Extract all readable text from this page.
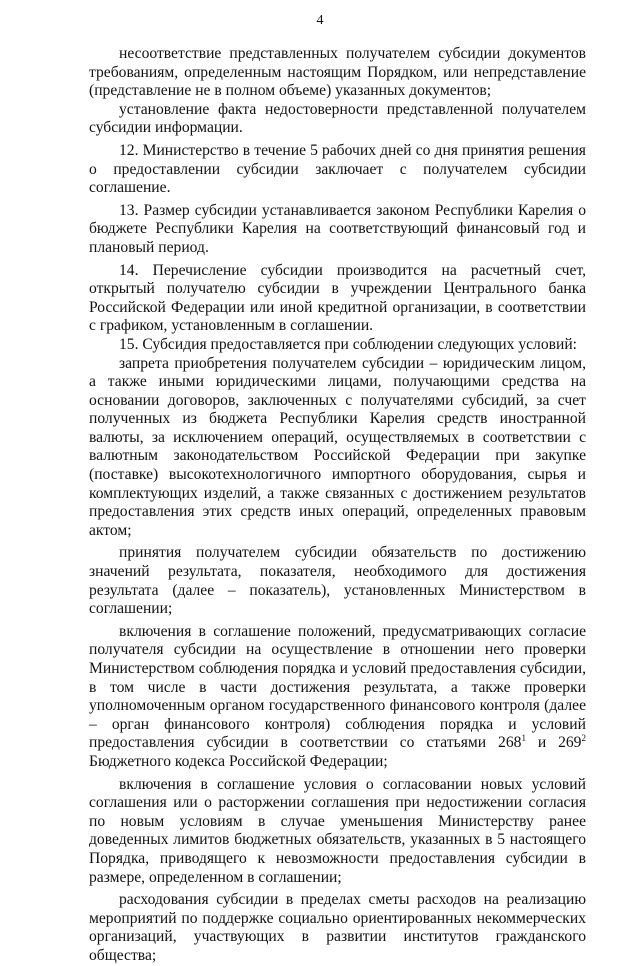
4

несоответствие представленных получателем субсидии документов требованиям, определенным настоящим Порядком, или непредставление (представление не в полном объеме) указанных документов;

установление факта недостоверности представленной получателем субсидии информации.

12. Министерство в течение 5 рабочих дней со дня принятия решения о предоставлении субсидии заключает с получателем субсидии соглашение.

13. Размер субсидии устанавливается законом Республики Карелия о бюджете Республики Карелия на соответствующий финансовый год и плановый период.

14. Перечисление субсидии производится на расчетный счет, открытый получателю субсидии в учреждении Центрального банка Российской Федерации или иной кредитной организации, в соответствии с графиком, установленным в соглашении.

15. Субсидия предоставляется при соблюдении следующих условий:

запрета приобретения получателем субсидии – юридическим лицом, а также иными юридическими лицами, получающими средства на основании договоров, заключенных с получателями субсидий, за счет полученных из бюджета Республики Карелия средств иностранной валюты, за исключением операций, осуществляемых в соответствии с валютным законодательством Российской Федерации при закупке (поставке) высокотехнологичного импортного оборудования, сырья и комплектующих изделий, а также связанных с достижением результатов предоставления этих средств иных операций, определенных правовым актом;

принятия получателем субсидии обязательств по достижению значений результата, показателя, необходимого для достижения результата (далее – показатель), установленных Министерством в соглашении;

включения в соглашение положений, предусматривающих согласие получателя субсидии на осуществление в отношении него проверки Министерством соблюдения порядка и условий предоставления субсидии, в том числе в части достижения результата, а также проверки уполномоченным органом государственного финансового контроля (далее – орган финансового контроля) соблюдения порядка и условий предоставления субсидии в соответствии со статьями $268^1$ и $269^2$ Бюджетного кодекса Российской Федерации;

включения в соглашение условия о согласовании новых условий соглашения или о расторжении соглашения при недостижении согласия по новым условиям в случае уменьшения Министерству ранее доведенных лимитов бюджетных обязательств, указанных в 5 настоящего Порядка, приводящего к невозможности предоставления субсидии в размере, определенном в соглашении;

расходования субсидии в пределах сметы расходов на реализацию мероприятий по поддержке социально ориентированных некоммерческих организаций, участвующих в развитии институтов гражданского общества;
